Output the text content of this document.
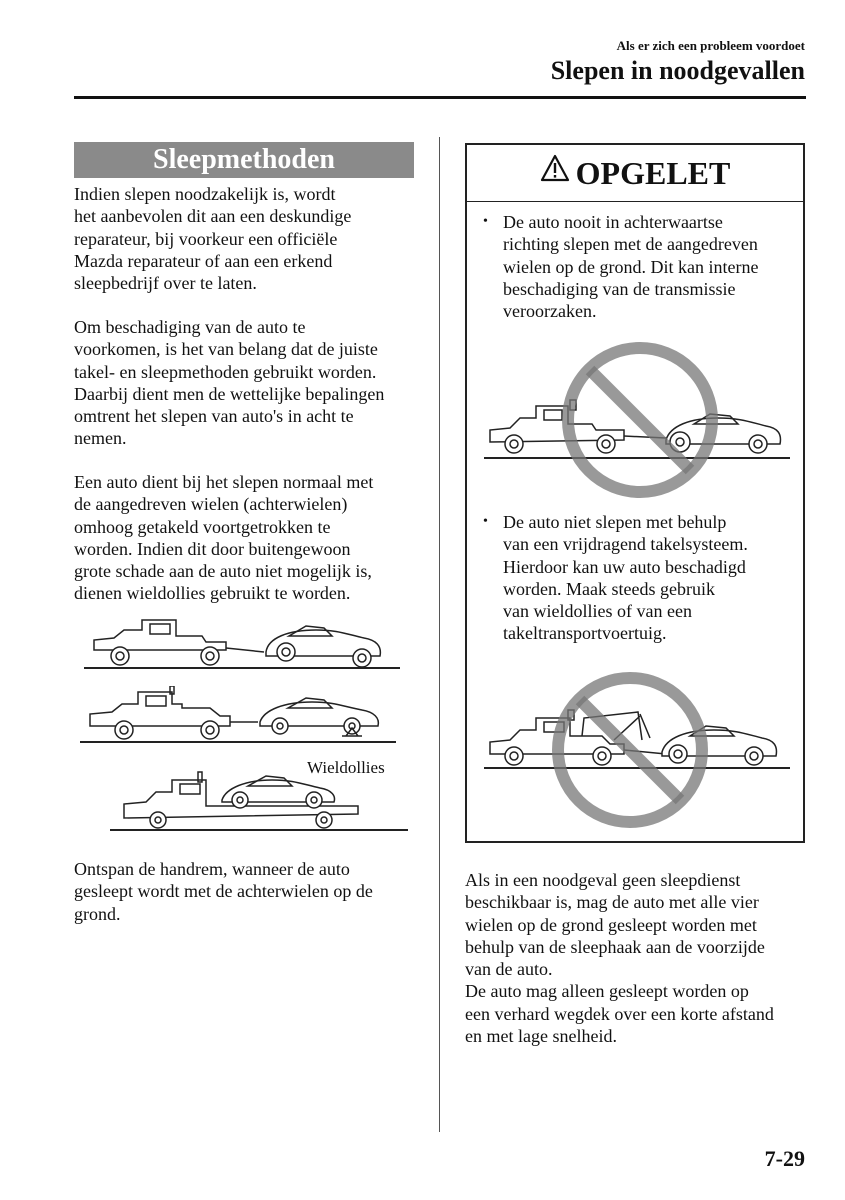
Als er zich een probleem voordoet
Slepen in noodgevallen
Sleepmethoden

Indien slepen noodzakelijk is, wordt

het aanbevolen dit aan een deskundige

reparateur, bij voorkeur een officiële

Mazda reparateur of aan een erkend

sleepbedrijf over te laten.

Om beschadiging van de auto te

voorkomen, is het van belang dat de juiste

takel- en sleepmethoden gebruikt worden.

Daarbij dient men de wettelijke bepalingen

omtrent het slepen van auto's in acht te

nemen.

Een auto dient bij het slepen normaal met

de aangedreven wielen (achterwielen)

omhoog getakeld voortgetrokken te

worden. Indien dit door buitengewoon

grote schade aan de auto niet mogelijk is,

dienen wieldollies gebruikt te worden.

Wieldollies

Ontspan de handrem, wanneer de auto

gesleept wordt met de achterwielen op de

grond.

OPGELET
• De auto nooit in achterwaartse
richting slepen met de aangedreven
wielen op de grond. Dit kan interne
beschadiging van de transmissie
veroorzaken.
• De auto niet slepen met behulp
van een vrijdragend takelsysteem.
Hierdoor kan uw auto beschadigd
worden. Maak steeds gebruik
van wieldollies of van een
takeltransportvoertuig.

Als in een noodgeval geen sleepdienst

beschikbaar is, mag de auto met alle vier

wielen op de grond gesleept worden met

behulp van de sleephaak aan de voorzijde

van de auto.

De auto mag alleen gesleept worden op

een verhard wegdek over een korte afstand

en met lage snelheid.

7-29
